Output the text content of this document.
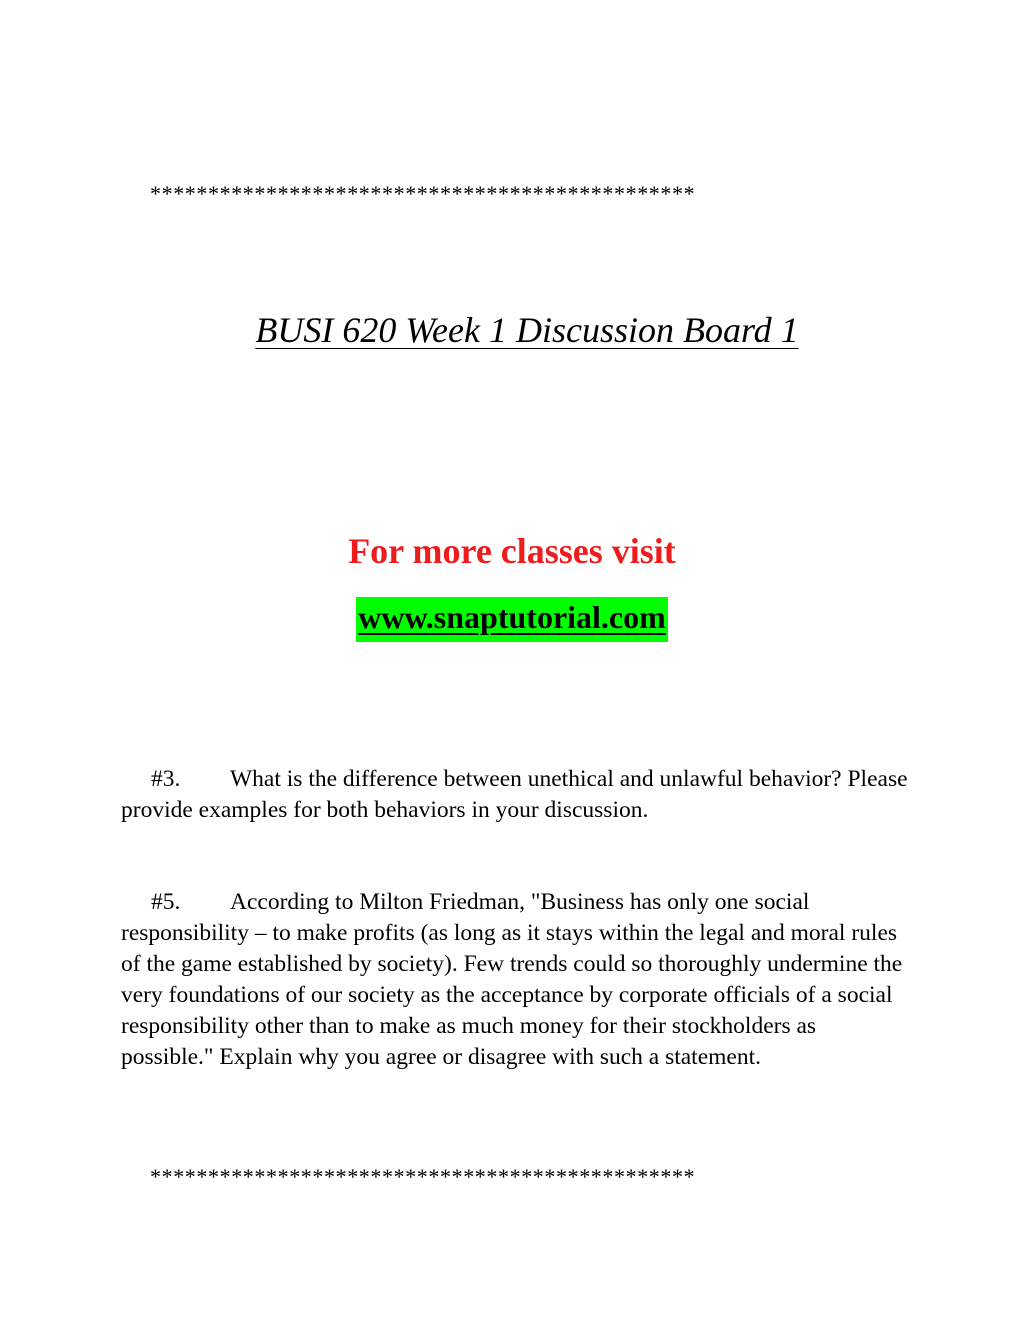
***********************************************
BUSI 620 Week 1 Discussion Board 1
For more classes visit
www.snaptutorial.com
#3. What is the difference between unethical and unlawful behavior? Please provide examples for both behaviors in your discussion.
#5. According to Milton Friedman, "Business has only one social responsibility – to make profits (as long as it stays within the legal and moral rules of the game established by society). Few trends could so thoroughly undermine the very foundations of our society as the acceptance by corporate officials of a social responsibility other than to make as much money for their stockholders as possible." Explain why you agree or disagree with such a statement.
***********************************************
